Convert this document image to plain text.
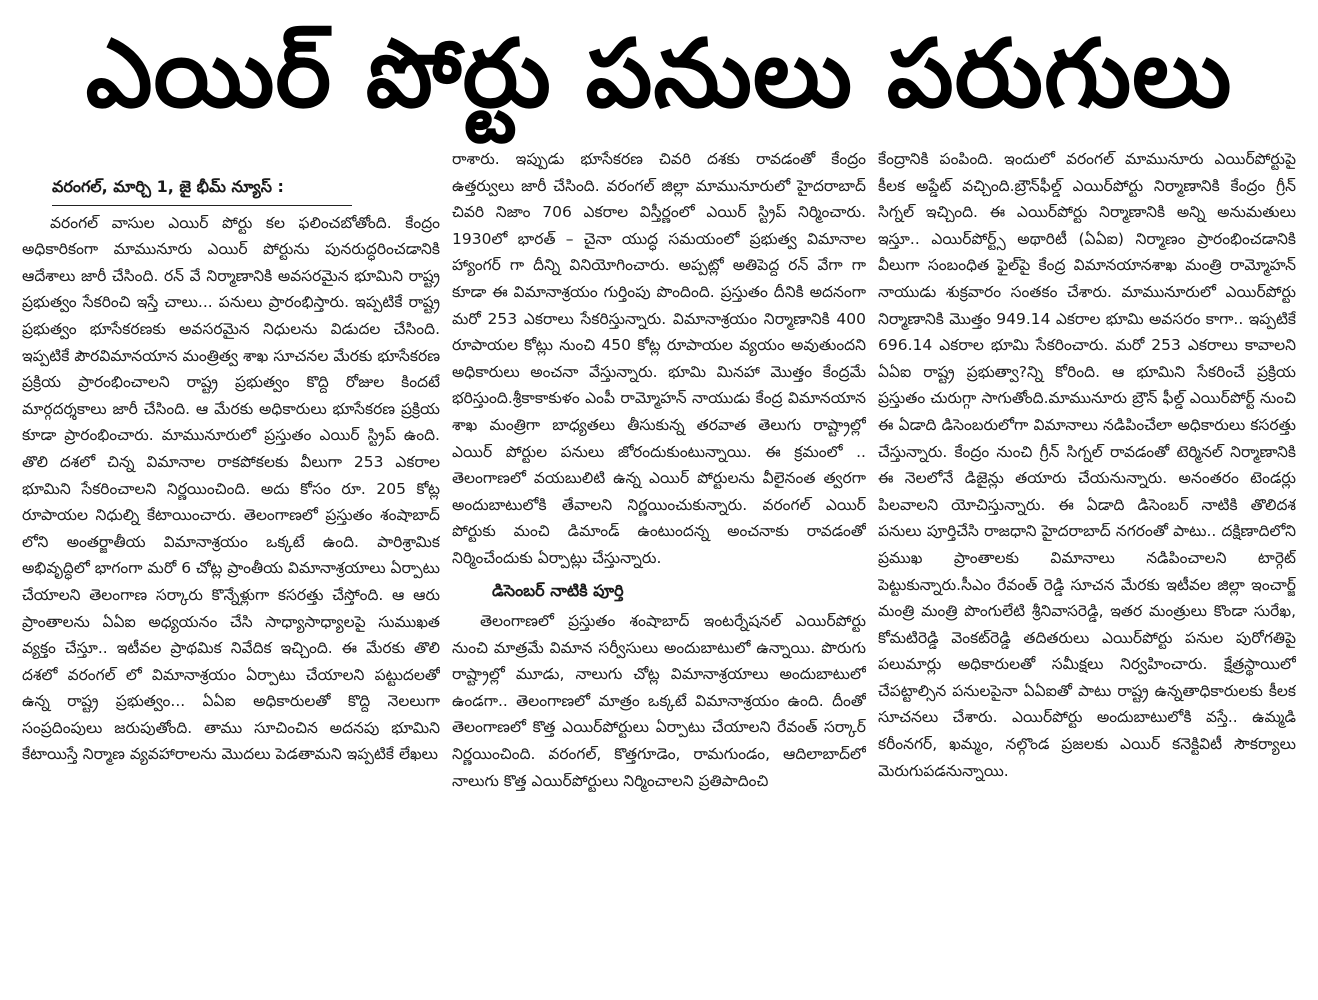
ఎయిర్ పోర్టు పనులు పరుగులు
వరంగల్, మార్చి 1, జై భీమ్ న్యూస్ :

వరంగల్ వాసుల ఎయిర్ పోర్టు కల ఫలించబోతోంది. కేంద్రం అధికారికంగా మామునూరు ఎయిర్ పోర్టును పునరుద్ధరించడానికి ఆదేశాలు జారీ చేసింది. రన్ వే నిర్మాణానికి అవసరమైన భూమిని రాష్ట్ర ప్రభుత్వం సేకరించి ఇస్తే చాలు... పనులు ప్రారంభిస్తారు. ఇప్పటికే రాష్ట్ర ప్రభుత్వం భూసేకరణకు అవసరమైన నిధులను విడుదల చేసింది. ఇప్పటికే పౌరవిమానయాన మంత్రిత్వ శాఖ సూచనల మేరకు భూసేకరణ ప్రక్రియ ప్రారంభించాలని రాష్ట్ర ప్రభుత్వం కొద్ది రోజుల కిందటే మార్గదర్శకాలు జారీ చేసింది. ఆ మేరకు అధికారులు భూసేకరణ ప్రక్రియ కూడా ప్రారంభించారు. మామునూరులో ప్రస్తుతం ఎయిర్ స్ట్రిప్ ఉంది. తొలి దశలో చిన్న విమానాల రాకపోకలకు వీలుగా 253 ఎకరాల భూమిని సేకరించాలని నిర్ణయించింది. అదు కోసం రూ. 205 కోట్ల రూపాయల నిధుల్ని కేటాయించారు. తెలంగాణలో ప్రస్తుతం శంషాబాద్ లోని అంతర్జాతీయ విమానాశ్రయం ఒక్కటే ఉంది. పారిశ్రామిక అభివృద్ధిలో భాగంగా మరో 6 చోట్ల ప్రాంతీయ విమానాశ్రయాలు ఏర్పాటు చేయాలని తెలంగాణ సర్కారు కొన్నేళ్లుగా కసరత్తు చేస్తోంది. ఆ ఆరు ప్రాంతాలను ఏఏఐ అధ్యయనం చేసి సాధ్యాసాధ్యాలపై సుముఖత వ్యక్తం చేస్తూ.. ఇటీవల ప్రాథమిక నివేదిక ఇచ్చింది. ఈ మేరకు తొలి దశలో వరంగల్ లో విమానాశ్రయం ఏర్పాటు చేయాలని పట్టుదలతో ఉన్న రాష్ట్ర ప్రభుత్వం... ఏఏఐ అధికారులతో కొద్ది నెలలుగా సంప్రదింపులు జరుపుతోంది. తాము సూచించిన అదనపు భూమిని కేటాయిస్తే నిర్మాణ వ్యవహారాలను మొదలు పెడతామని ఇప్పటికే లేఖలు

రాశారు. ఇప్పుడు భూసేకరణ చివరి దశకు రావడంతో కేంద్రం ఉత్తర్వులు జారీ చేసింది. వరంగల్ జిల్లా మామునూరులో హైదరాబాద్ చివరి నిజాం 706 ఎకరాల విస్తీర్ణంలో ఎయిర్ స్ట్రిప్ నిర్మించారు. 1930లో భారత్ – చైనా యుద్ధ సమయంలో ప్రభుత్వ విమానాల హ్యాంగర్ గా దీన్ని వినియోగించారు. అప్పట్లో అతిపెద్ద రన్ వేగా గా కూడా ఈ విమానాశ్రయం గుర్తింపు పొందింది. ప్రస్తుతం దీనికి అదనంగా మరో 253 ఎకరాలు సేకరిస్తున్నారు. విమానాశ్రయం నిర్మాణానికి 400 రూపాయల కోట్లు నుంచి 450 కోట్ల రూపాయల వ్యయం అవుతుందని అధికారులు అంచనా వేస్తున్నారు. భూమి మినహా మొత్తం కేంద్రమే భరిస్తుంది.శ్రీకాకాకుళం ఎంపీ రామ్మోహన్ నాయుడు కేంద్ర విమానయాన శాఖ మంత్రిగా బాధ్యతలు తీసుకున్న తరవాత తెలుగు రాష్ట్రాల్లో ఎయిర్ పోర్టుల పనులు జోరందుకుంటున్నాయి. ఈ క్రమంలో .. తెలంగాణలో వయబులిటి ఉన్న ఎయిర్ పోర్టులను వీలైనంత త్వరగా అందుబాటులోకి తేవాలని నిర్ణయించుకున్నారు. వరంగల్ ఎయిర్ పోర్టుకు మంచి డిమాండ్ ఉంటుందన్న అంచనాకు రావడంతో నిర్మించేందుకు ఏర్పాట్లు చేస్తున్నారు.

డిసెంబర్ నాటికి పూర్తి

తెలంగాణలో ప్రస్తుతం శంషాబాద్ ఇంటర్నేషనల్ ఎయిర్‌పోర్టు నుంచి మాత్రమే విమాన సర్వీసులు అందుబాటులో ఉన్నాయి. పొరుగు రాష్ట్రాల్లో మూడు, నాలుగు చోట్ల విమానాశ్రయాలు అందుబాటులో ఉండగా.. తెలంగాణలో మాత్రం ఒక్కటే విమానాశ్రయం ఉంది. దీంతో తెలంగాణలో కొత్త ఎయిర్‌పోర్టులు ఏర్పాటు చేయాలని రేవంత్ సర్కార్ నిర్ణయించింది. వరంగల్, కొత్తగూడెం, రామగుండం, ఆదిలాబాద్‌లో నాలుగు కొత్త ఎయిర్‌పోర్టులు నిర్మించాలని ప్రతిపాదించి

కేంద్రానికి పంపింది. ఇందులో వరంగల్ మామునూరు ఎయిర్‌పోర్టుపై కీలక అప్డేట్ వచ్చింది.బ్రౌన్‌ఫీల్డ్ ఎయిర్‌పోర్టు నిర్మాణానికి కేంద్రం గ్రీన్ సిగ్నల్ ఇచ్చింది. ఈ ఎయిర్‌పోర్టు నిర్మాణానికి అన్ని అనుమతులు ఇస్తూ.. ఎయిర్‌పోర్ట్స్ అథారిటీ (ఏఏఐ) నిర్మాణం ప్రారంభించడానికి వీలుగా సంబంధిత ఫైల్‌పై కేంద్ర విమానయానశాఖ మంత్రి రామ్మోహన్ నాయుడు శుక్రవారం సంతకం చేశారు. మామునూరులో ఎయిర్‌పోర్టు నిర్మాణానికి మొత్తం 949.14 ఎకరాల భూమి అవసరం కాగా.. ఇప్పటికే 696.14 ఎకరాల భూమి సేకరించారు. మరో 253 ఎకరాలు కావాలని ఏఏఐ రాష్ట్ర ప్రభుత్వా?న్ని కోరింది. ఆ భూమిని సేకరించే ప్రక్రియ ప్రస్తుతం చురుగ్గా సాగుతోంది.మామునూరు బ్రౌన్ ఫీల్డ్ ఎయిర్‌పోర్ట్ నుంచి ఈ ఏడాది డిసెంబరులోగా విమానాలు నడిపించేలా అధికారులు కసరత్తు చేస్తున్నారు. కేంద్రం నుంచి గ్రీన్ సిగ్నల్ రావడంతో టెర్మినల్ నిర్మాణానికి ఈ నెలలోనే డిజైన్లు తయారు చేయనున్నారు. అనంతరం టెండర్లు పిలవాలని యోచిస్తున్నారు. ఈ ఏడాది డిసెంబర్ నాటికి తొలిదశ పనులు పూర్తిచేసి రాజధాని హైదరాబాద్ నగరంతో పాటు.. దక్షిణాదిలోని ప్రముఖ ప్రాంతాలకు విమానాలు నడిపించాలని టార్గెట్ పెట్టుకున్నారు.సీఎం రేవంత్ రెడ్డి సూచన మేరకు ఇటీవల జిల్లా ఇంచార్జ్ మంత్రి మంత్రి పొంగులేటి శ్రీనివాసరెడ్డి, ఇతర మంత్రులు కొండా సురేఖ, కోమటిరెడ్డి వెంకట్‌రెడ్డి తదితరులు ఎయిర్‌పోర్టు పనుల పురోగతిపై పలుమార్లు అధికారులతో సమీక్షలు నిర్వహించారు. క్షేత్రస్థాయిలో చేపట్టాల్సిన పనులపైనా ఏఏఐతో పాటు రాష్ట్ర ఉన్నతాధికారులకు కీలక సూచనలు చేశారు. ఎయిర్‌పోర్టు అందుబాటులోకి వస్తే.. ఉమ్మడి కరీంనగర్, ఖమ్మం, నల్గొండ ప్రజలకు ఎయిర్ కనెక్టివిటీ సౌకర్యాలు మెరుగుపడనున్నాయి.
